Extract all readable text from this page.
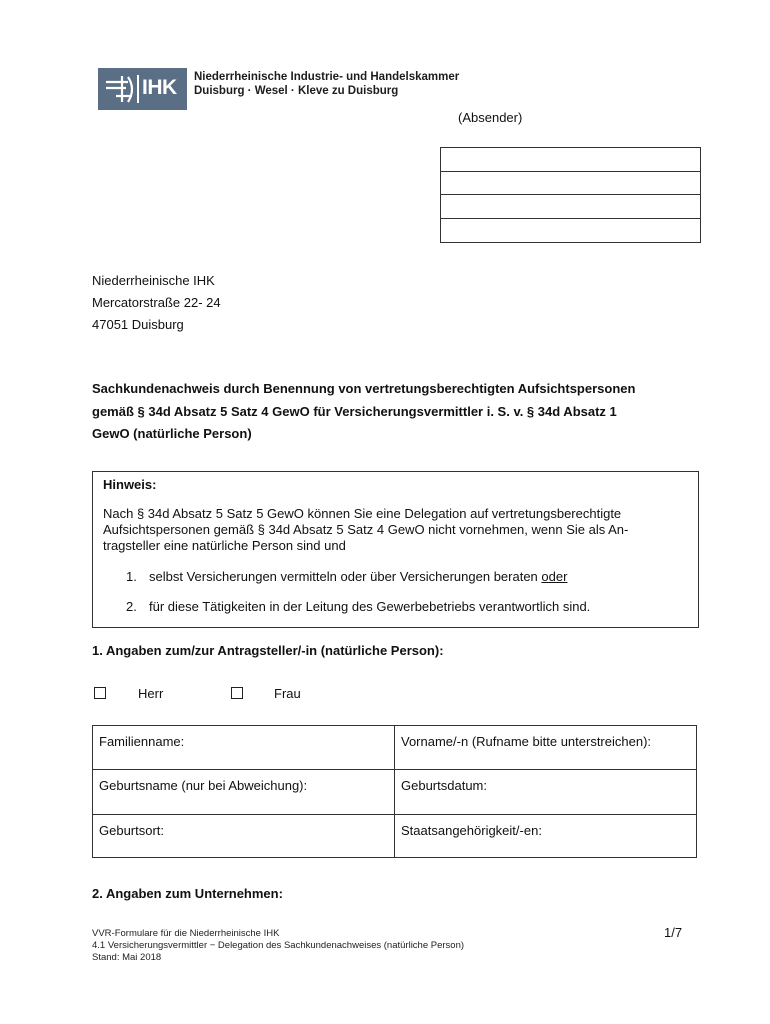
IHK Niederrheinische Industrie- und Handelskammer
Duisburg · Wesel · Kleve zu Duisburg
(Absender)
Niederrheinische IHK
Mercatorstraße 22- 24
47051 Duisburg
Sachkundenachweis durch Benennung von vertretungsberechtigten Aufsichtspersonen
gemäß § 34d Absatz 5 Satz 4 GewO für Versicherungsvermittler i. S. v. § 34d Absatz 1
GewO (natürliche Person)
Hinweis:
Nach § 34d Absatz 5 Satz 5 GewO können Sie eine Delegation auf vertretungsberechtigte
Aufsichtspersonen gemäß § 34d Absatz 5 Satz 4 GewO nicht vornehmen, wenn Sie als An-
tragsteller eine natürliche Person sind und
1. selbst Versicherungen vermitteln oder über Versicherungen beraten oder
2. für diese Tätigkeiten in der Leitung des Gewerbebetriebs verantwortlich sind.
1. Angaben zum/zur Antragsteller/-in (natürliche Person):
Herr	Frau
Familienname:	Vorname/-n (Rufname bitte unterstreichen):
Geburtsname (nur bei Abweichung):	Geburtsdatum:
Geburtsort:	Staatsangehörigkeit/-en:
2. Angaben zum Unternehmen:
VVR-Formulare für die Niederrheinische IHK
4.1 Versicherungsvermittler − Delegation des Sachkundenachweises (natürliche Person)
Stand: Mai 2018
1/7
